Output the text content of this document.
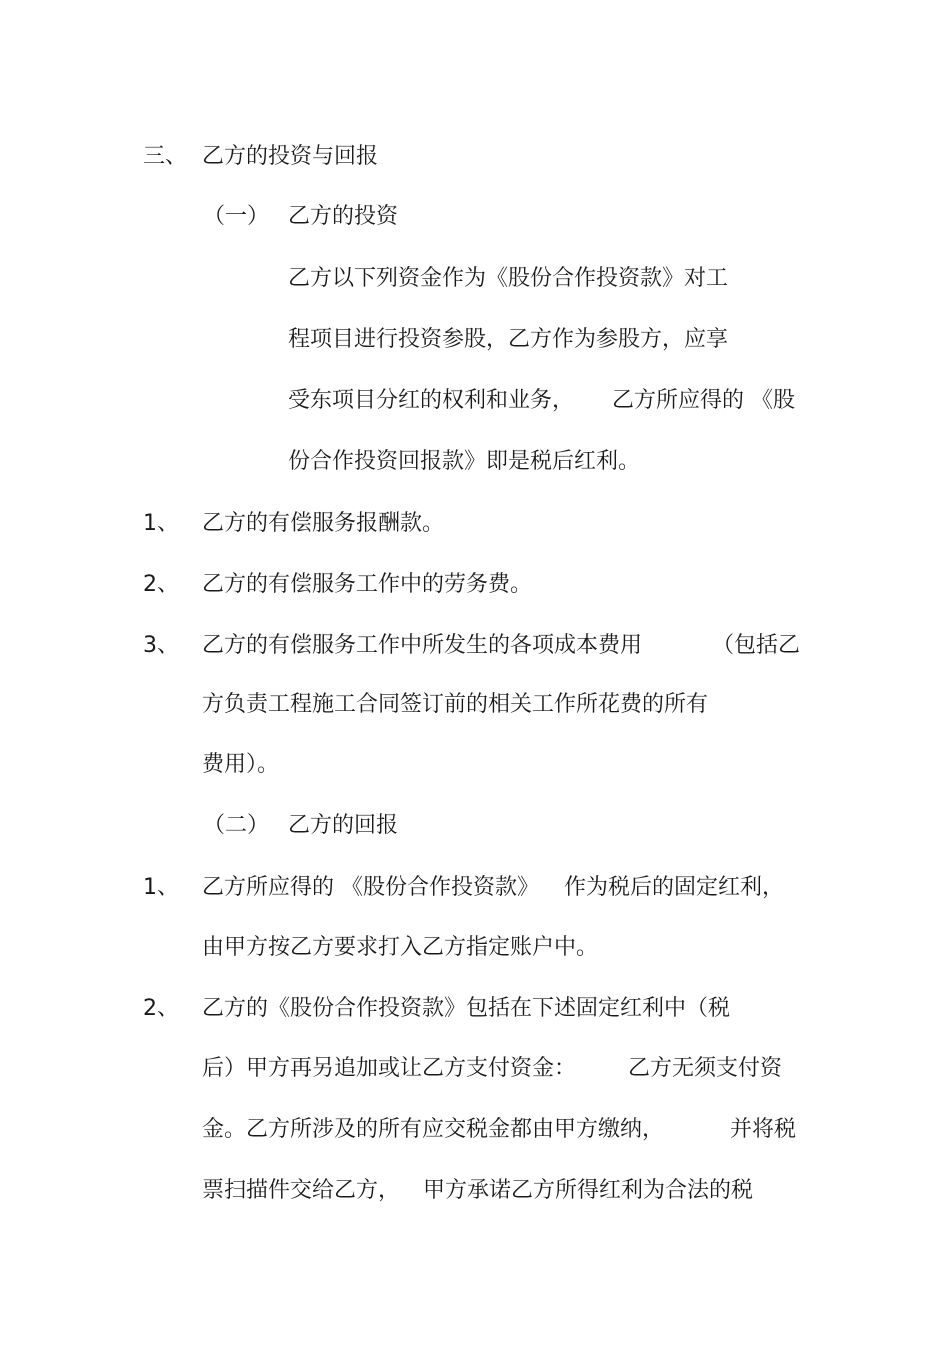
三、 乙方的投资与回报
（一） 乙方的投资
乙方以下列资金作为《股份合作投资款》对工
程项目进行投资参股，乙方作为参股方，应享
受东项目分红的权利和业务， 乙方所应得的 《股
份合作投资回报款》即是税后红利。
1、 乙方的有偿服务报酬款。
2、 乙方的有偿服务工作中的劳务费。
3、 乙方的有偿服务工作中所发生的各项成本费用	（包括乙
方负责工程施工合同签订前的相关工作所花费的所有
费用）。
（二） 乙方的回报
1、 乙方所应得的 《股份合作投资款》 作为税后的固定红利，
由甲方按乙方要求打入乙方指定账户中。
2、 乙方的《股份合作投资款》包括在下述固定红利中（税
后）甲方再另追加或让乙方支付资金： 乙方无须支付资
金。乙方所涉及的所有应交税金都由甲方缴纳，	并将税
票扫描件交给乙方， 甲方承诺乙方所得红利为合法的税
